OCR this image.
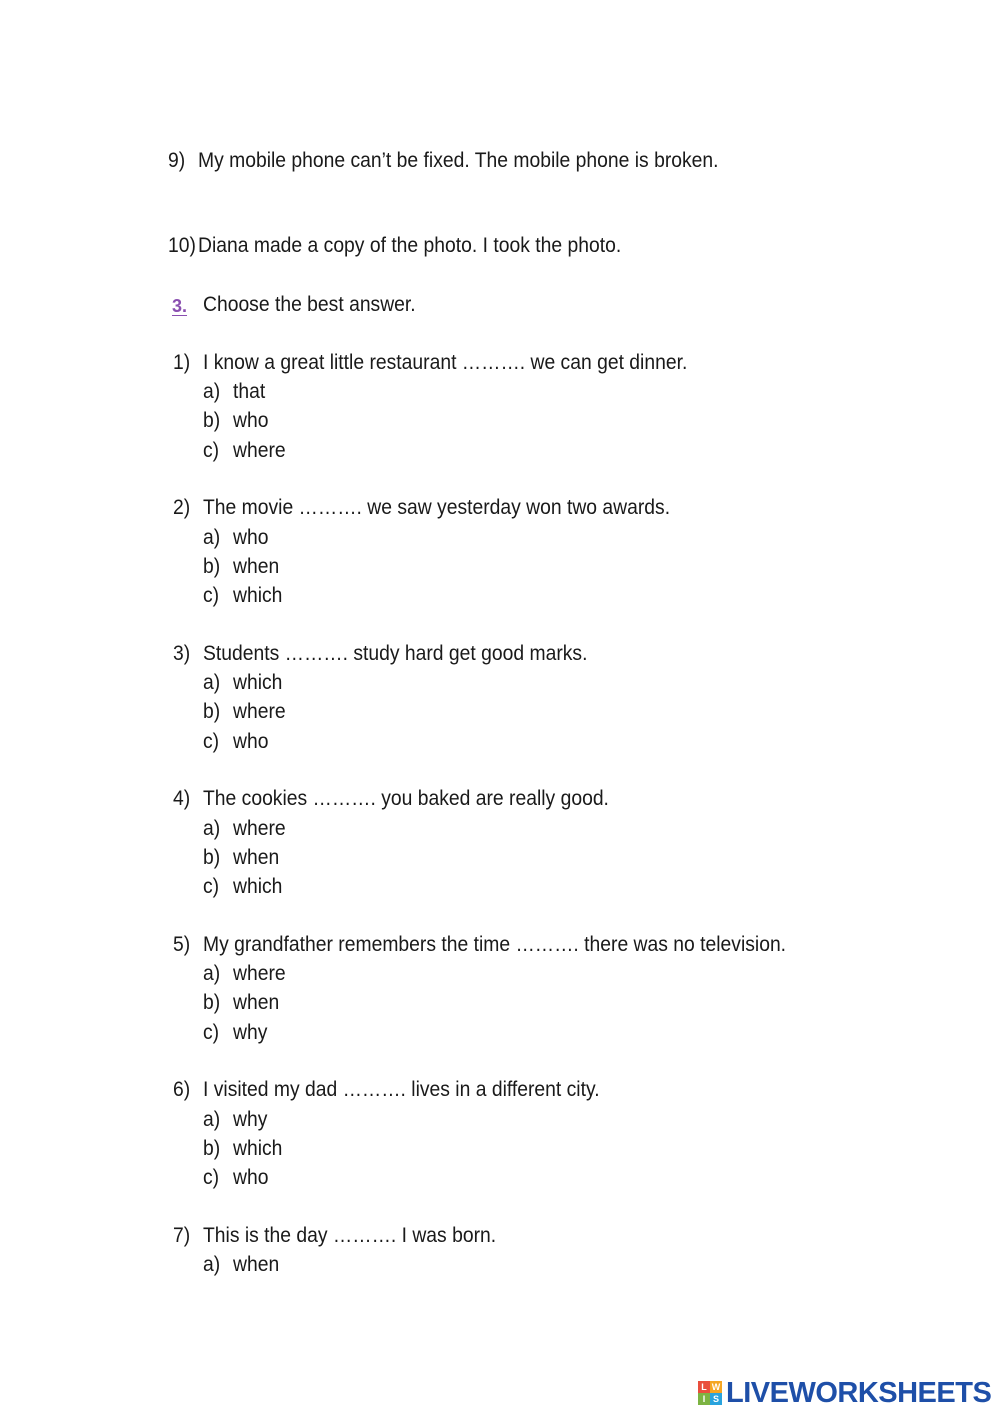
9) My mobile phone can’t be fixed. The mobile phone is broken.
10) Diana made a copy of the photo. I took the photo.
3. Choose the best answer.
1) I know a great little restaurant ………. we can get dinner.
a) that
b) who
c) where
2) The movie ………. we saw yesterday won two awards.
a) who
b) when
c) which
3) Students ………. study hard get good marks.
a) which
b) where
c) who
4) The cookies ………. you baked are really good.
a) where
b) when
c) which
5) My grandfather remembers the time ………. there was no television.
a) where
b) when
c) why
6) I visited my dad ………. lives in a different city.
a) why
b) which
c) who
7) This is the day ………. I was born.
a) when
L W
I S LIVEWORKSHEETS
